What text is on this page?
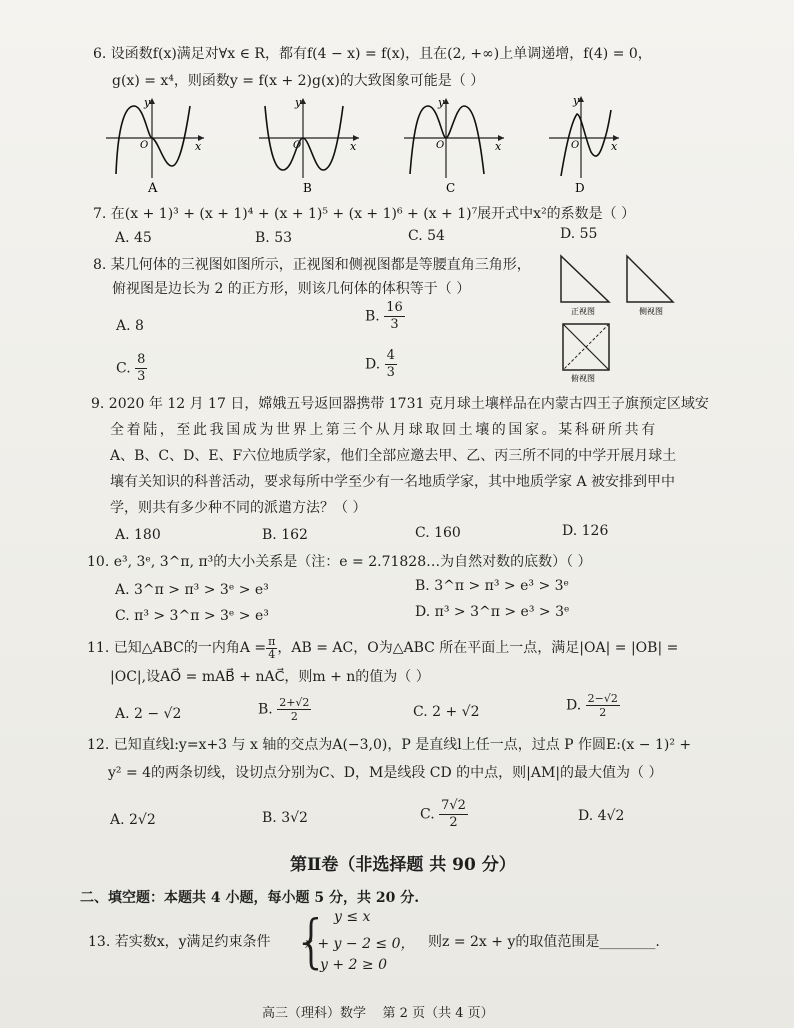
6. 设函数f(x)满足对∀x ∈ R，都有f(4 − x) = f(x)，且在(2, +∞)上单调递增，f(4) = 0，
g(x) = x⁴，则函数y = f(x + 2)g(x)的大致图象可能是（ ）
y
x
O
A
y
x
O
B
y
x
O
C
y
x
O
D
7. 在(x + 1)³ + (x + 1)⁴ + (x + 1)⁵ + (x + 1)⁶ + (x + 1)⁷展开式中x²的系数是（ ）
A. 45	B. 53	C. 54	D. 55
8. 某几何体的三视图如图所示，正视图和侧视图都是等腰直角三角形，
俯视图是边长为 2 的正方形，则该几何体的体积等于（ ）
A. 8
B. $\frac{16}{3}$
C. $\frac{8}{3}$	D. $\frac{4}{3}$
正视图	侧视图
俯视图
9. 2020 年 12 月 17 日，嫦娥五号返回器携带 1731 克月球土壤样品在内蒙古四王子旗预定区域安
全着陆，至此我国成为世界上第三个从月球取回土壤的国家。某科研所共有
A、B、C、D、E、F六位地质学家，他们全部应邀去甲、乙、丙三所不同的中学开展月球土
壤有关知识的科普活动，要求每所中学至少有一名地质学家，其中地质学家 A 被安排到甲中
学，则共有多少种不同的派遣方法？（ ）
A. 180	B. 162	C. 160	D. 126
10. e³, 3ᵉ, 3^π, π³的大小关系是（注：e = 2.71828…为自然对数的底数）（ ）
A. 3^π > π³ > 3ᵉ > e³	B. 3^π > π³ > e³ > 3ᵉ
C. π³ > 3^π > 3ᵉ > e³	D. π³ > 3^π > e³ > 3ᵉ
11. 已知△ABC的一内角$A = \frac{\pi}{4}$ ，AB = AC，O为△ABC 所在平面上一点，满足|OA| = |OB| =
|OC|,设AO⃗ = mAB⃗ + nAC⃗，则m + n的值为（ ）
A. 2 − √2	B. $\frac{2+√2}{2}$	C. 2 + √2	D. $\frac{2-√2}{2}$
12. 已知直线l:y=x+3 与 x 轴的交点为A(−3,0)，P 是直线l上任一点，过点 P 作圆E:(x − 1)² +
y² = 4的两条切线，设切点分别为C、D，M是线段 CD 的中点，则|AM|的最大值为（ ）
A. 2√2	B. 3√2	C. $\frac{7√2}{2}$	D. 4√2
第Ⅱ卷（非选择题 共 90 分）
二、填空题：本题共 4 小题，每小题 5 分，共 20 分.
13. 若实数x，y满足约束条件 { y ≤ x
x + y − 2 ≤ 0，
y + 2 ≥ 0
则z = 2x + y的取值范围是________.
高三（理科）数学    第 2 页（共 4 页）
